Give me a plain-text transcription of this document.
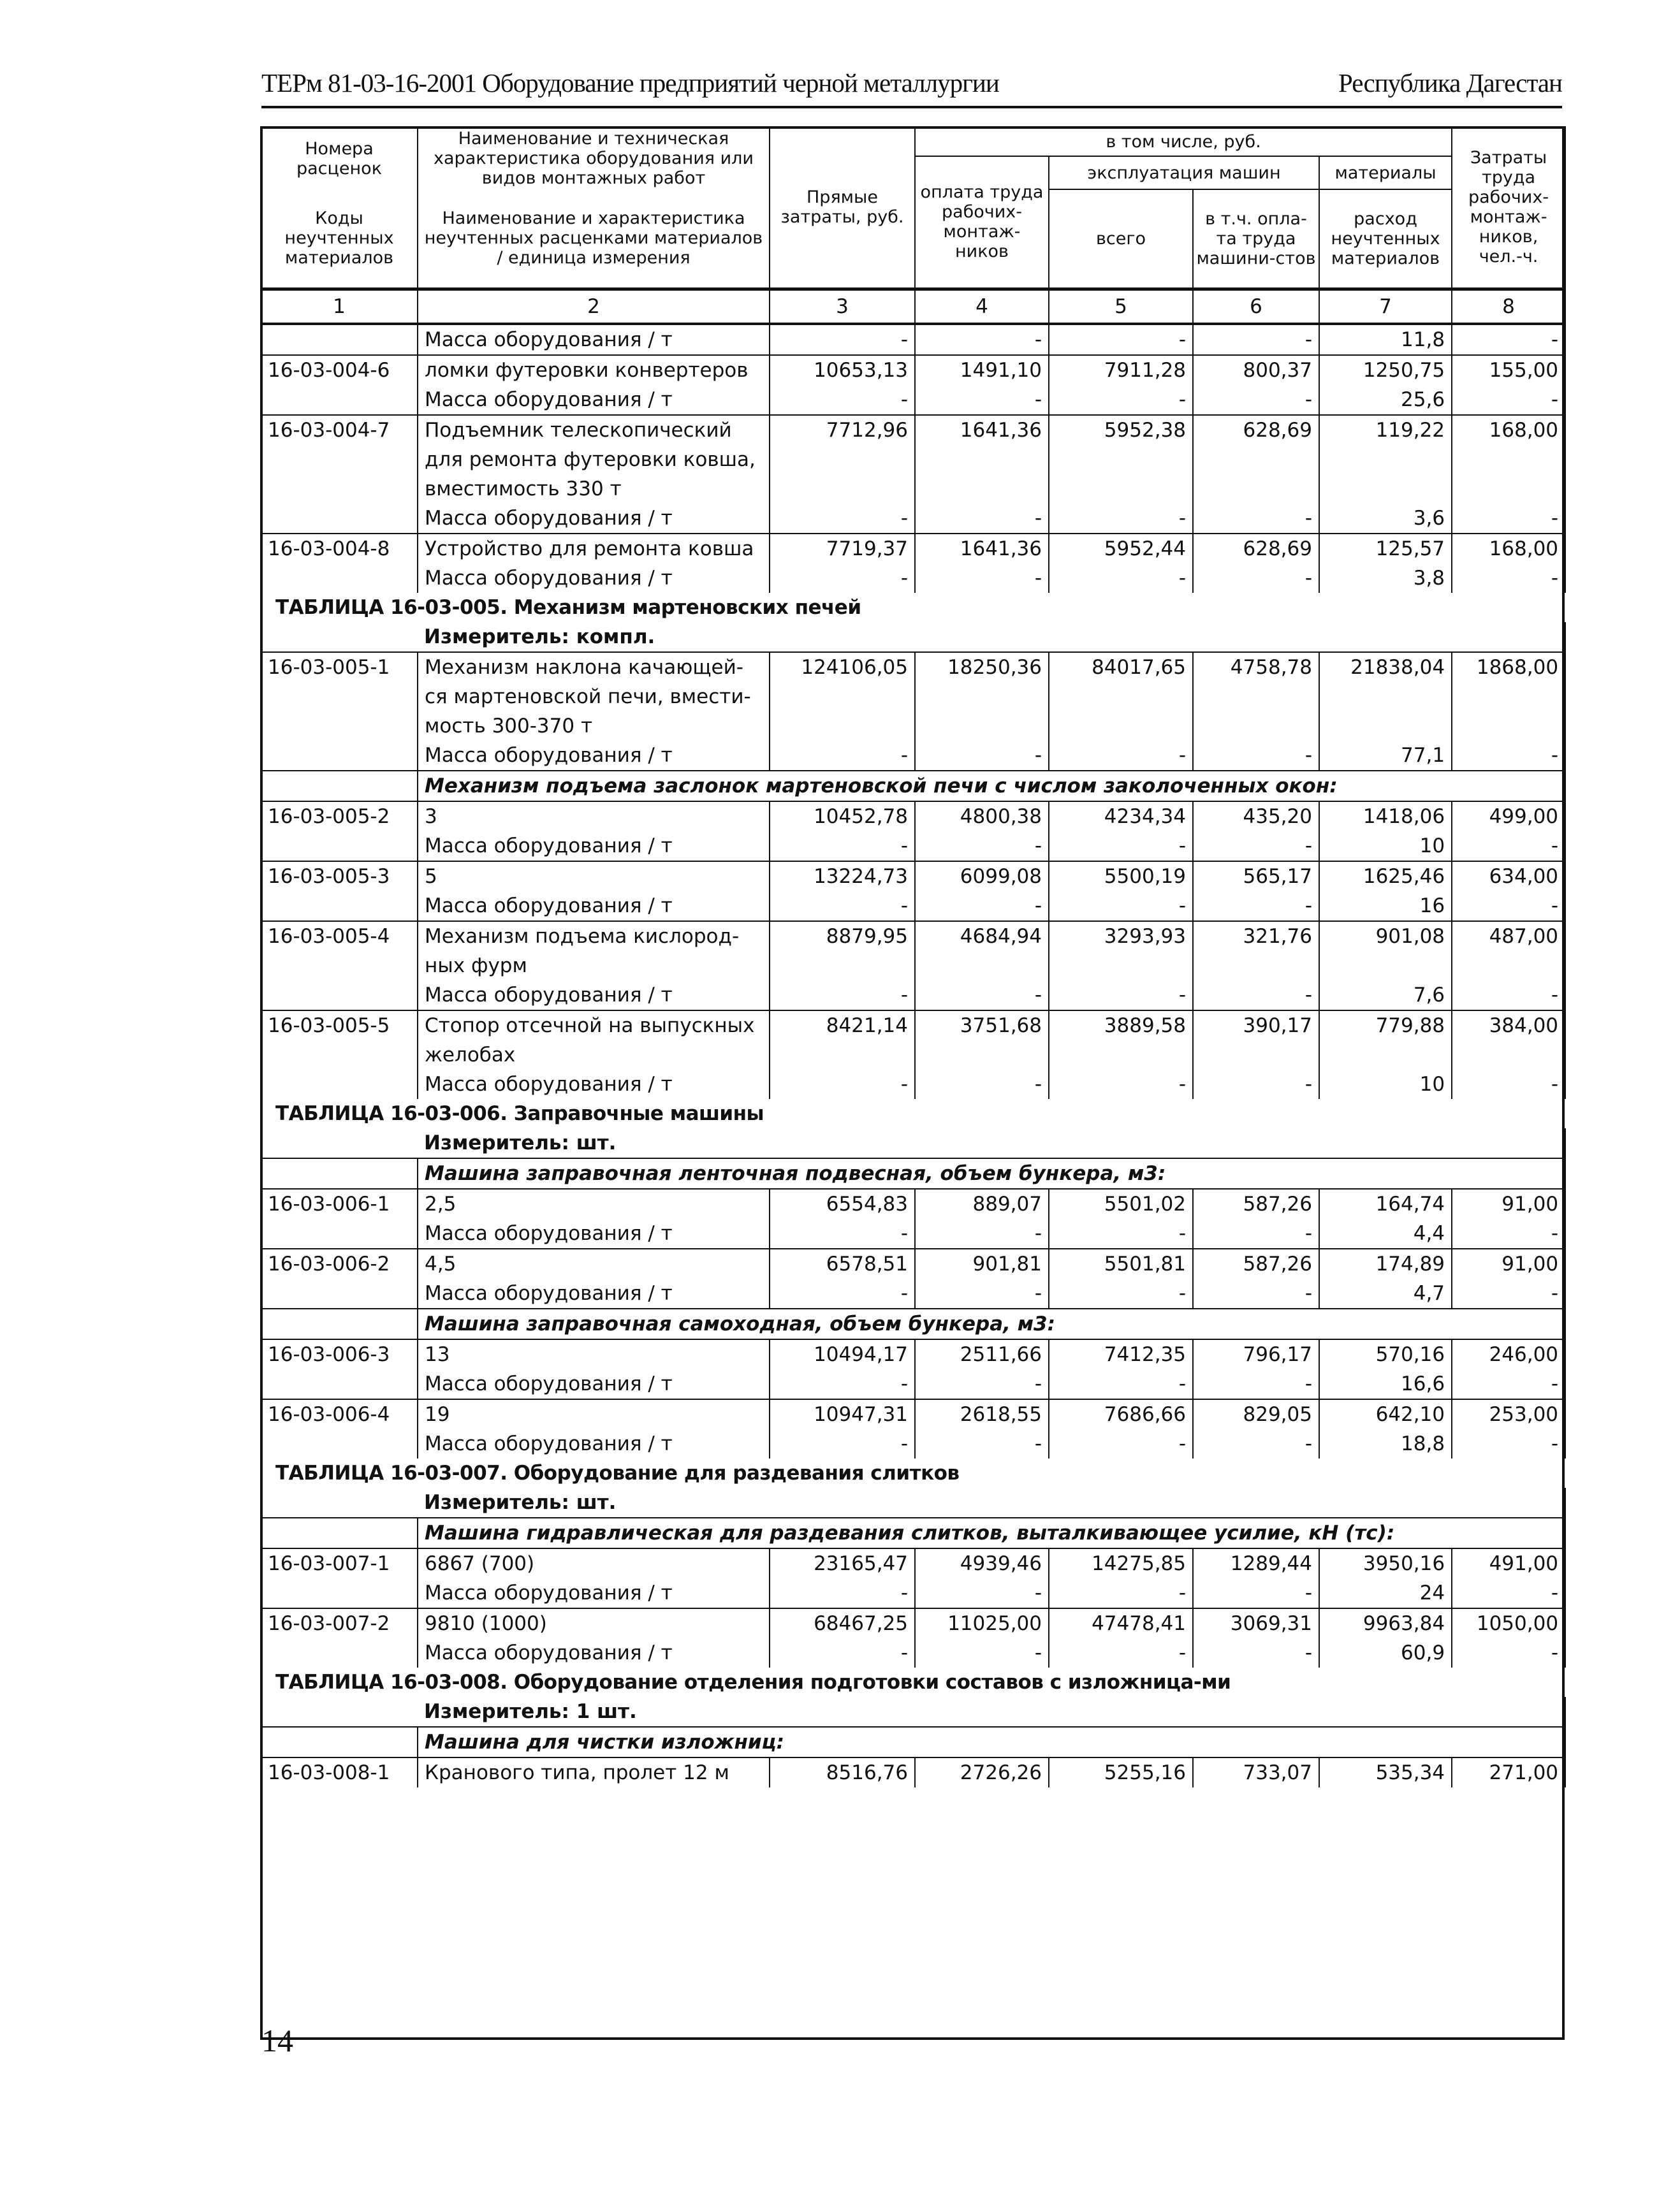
ТЕРм 81-03-16-2001 Оборудование предприятий черной металлургии	Республика Дагестан
Номера расценок	Наименование и техническая характеристика оборудования или видов монтажных работ	Прямые затраты, руб.	в том числе, руб.				Затраты труда рабочих-монтаж-ников, чел.-ч.
			оплата труда рабочих-монтаж-ников	эксплуатация машин		материалы	
Коды неучтенных материалов	Наименование и характеристика неучтенных расценками материалов / единица измерения			всего	в т.ч. опла-та труда машини-стов	расход неучтенных материалов	

1	2	3	4	5	6	7	8
	Масса оборудования / т	-	-	-	-	11,8	-
16-03-004-6	ломки футеровки конвертеров	10653,13	1491,10	7911,28	800,37	1250,75	155,00
	Масса оборудования / т	-	-	-	-	25,6	-
16-03-004-7	Подъемник телескопический для ремонта футеровки ковша, вместимость 330 т	7712,96	1641,36	5952,38	628,69	119,22	168,00
	Масса оборудования / т	-	-	-	-	3,6	-
16-03-004-8	Устройство для ремонта ковша	7719,37	1641,36	5952,44	628,69	125,57	168,00
	Масса оборудования / т	-	-	-	-	3,8	-
ТАБЛИЦА 16-03-005. Механизм мартеновских печей							
	Измеритель: компл.						
16-03-005-1	Механизм наклона качающей-ся мартеновской печи, вмести-мость 300-370 т	124106,05	18250,36	84017,65	4758,78	21838,04	1868,00
	Масса оборудования / т	-	-	-	-	77,1	-
	Механизм подъема заслонок мартеновской печи с числом заколоченных окон:						
16-03-005-2	3	10452,78	4800,38	4234,34	435,20	1418,06	499,00
	Масса оборудования / т	-	-	-	-	10	-
16-03-005-3	5	13224,73	6099,08	5500,19	565,17	1625,46	634,00
	Масса оборудования / т	-	-	-	-	16	-
16-03-005-4	Механизм подъема кислород-ных фурм	8879,95	4684,94	3293,93	321,76	901,08	487,00
	Масса оборудования / т	-	-	-	-	7,6	-
16-03-005-5	Стопор отсечной на выпускных желобах	8421,14	3751,68	3889,58	390,17	779,88	384,00
	Масса оборудования / т	-	-	-	-	10	-
ТАБЛИЦА 16-03-006. Заправочные машины							
	Измеритель: шт.						
	Машина заправочная ленточная подвесная, объем бункера, м3:						
16-03-006-1	2,5	6554,83	889,07	5501,02	587,26	164,74	91,00
	Масса оборудования / т	-	-	-	-	4,4	-
16-03-006-2	4,5	6578,51	901,81	5501,81	587,26	174,89	91,00
	Масса оборудования / т	-	-	-	-	4,7	-
	Машина заправочная самоходная, объем бункера, м3:						
16-03-006-3	13	10494,17	2511,66	7412,35	796,17	570,16	246,00
	Масса оборудования / т	-	-	-	-	16,6	-
16-03-006-4	19	10947,31	2618,55	7686,66	829,05	642,10	253,00
	Масса оборудования / т	-	-	-	-	18,8	-
ТАБЛИЦА 16-03-007. Оборудование для раздевания слитков							
	Измеритель: шт.						
	Машина гидравлическая для раздевания слитков, выталкивающее усилие, кН (тс):						
16-03-007-1	6867 (700)	23165,47	4939,46	14275,85	1289,44	3950,16	491,00
	Масса оборудования / т	-	-	-	-	24	-
16-03-007-2	9810 (1000)	68467,25	11025,00	47478,41	3069,31	9963,84	1050,00
	Масса оборудования / т	-	-	-	-	60,9	-
ТАБЛИЦА 16-03-008. Оборудование отделения подготовки составов с изложница-ми							
	Измеритель: 1 шт.						
	Машина для чистки изложниц:						
16-03-008-1	Кранового типа, пролет 12 м	8516,76	2726,26	5255,16	733,07	535,34	271,00
14
